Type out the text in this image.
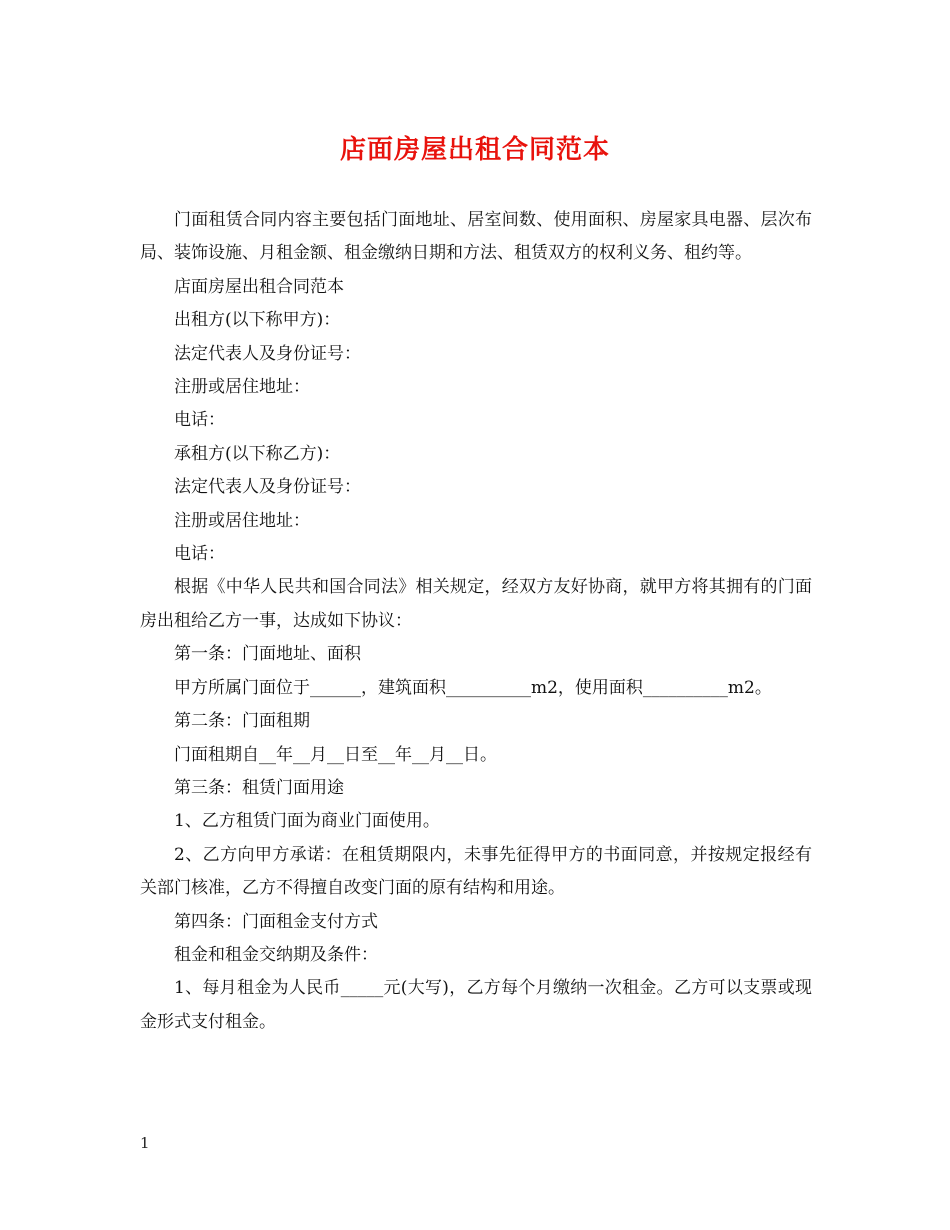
店面房屋出租合同范本

门面租赁合同内容主要包括门面地址、居室间数、使用面积、房屋家具电器、层次布局、装饰设施、月租金额、租金缴纳日期和方法、租赁双方的权利义务、租约等。

店面房屋出租合同范本

出租方(以下称甲方)：

法定代表人及身份证号：

注册或居住地址：

电话：

承租方(以下称乙方)：

法定代表人及身份证号：

注册或居住地址：

电话：

根据《中华人民共和国合同法》相关规定，经双方友好协商，就甲方将其拥有的门面房出租给乙方一事，达成如下协议：

第一条：门面地址、面积

甲方所属门面位于______，建筑面积__________m2，使用面积__________m2。

第二条：门面租期

门面租期自__年__月__日至__年__月__日。

第三条：租赁门面用途

1、乙方租赁门面为商业门面使用。

2、乙方向甲方承诺：在租赁期限内，未事先征得甲方的书面同意，并按规定报经有关部门核准，乙方不得擅自改变门面的原有结构和用途。

第四条：门面租金支付方式

租金和租金交纳期及条件：

1、每月租金为人民币_____元(大写)，乙方每个月缴纳一次租金。乙方可以支票或现金形式支付租金。

1
